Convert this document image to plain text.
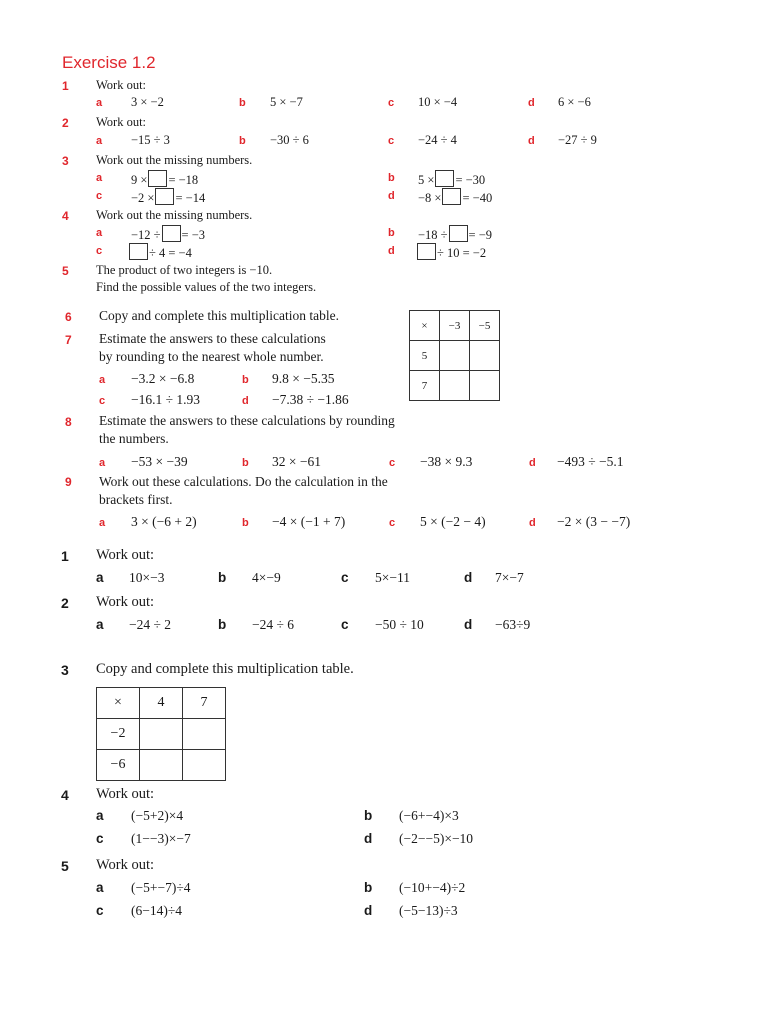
Exercise 1.2
1 Work out:
a 3 × −2	b 5 × −7	c 10 × −4	d 6 × −6
2 Work out:
a −15 ÷ 3	b −30 ÷ 6	c −24 ÷ 4	d −27 ÷ 9
3 Work out the missing numbers.
a 9 × = −18	b 5 × = −30
c −2 × = −14	d −8 × = −40
4 Work out the missing numbers.
a −12 ÷ = −3	b −18 ÷ = −9
c	÷ 4 = −4	d	÷ 10 = −2
5 The product of two integers is −10.
Find the possible values of the two integers.
6 Copy and complete this multiplication table.
×	−3	−5
5		
7		
7 Estimate the answers to these calculations
by rounding to the nearest whole number.
a −3.2 × −6.8	b 9.8 × −5.35
c −16.1 ÷ 1.93	d −7.38 ÷ −1.86
8 Estimate the answers to these calculations by rounding
the numbers.
a −53 × −39	b 32 × −61	c −38 × 9.3	d −493 ÷ −5.1
9 Work out these calculations. Do the calculation in the
brackets first.
a 3 × (−6 + 2)	b −4 × (−1 + 7)	c 5 × (−2 − 4)	d −2 × (3 − −7)
1 Work out:
a 10×−3	b 4×−9	c 5×−11	d 7×−7
2 Work out:
a −24 ÷ 2	b −24 ÷ 6	c −50 ÷ 10	d −63÷9
3 Copy and complete this multiplication table.
×	4	7
−2		
−6		
4 Work out:
a (−5+2)×4	b (−6+−4)×3
c (1−−3)×−7	d (−2−−5)×−10
5 Work out:
a (−5+−7)÷4	b (−10+−4)÷2
c (6−14)÷4	d (−5−13)÷3
